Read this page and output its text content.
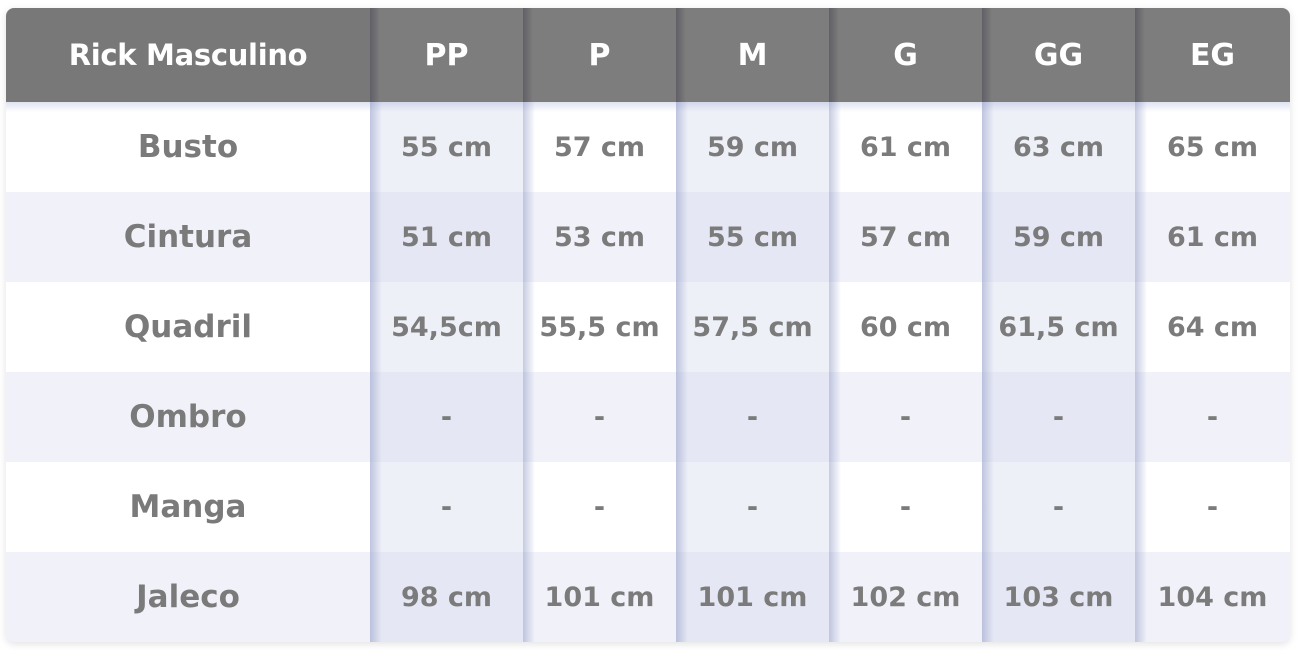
Rick Masculino	PP	P	M	G	GG	EG
Busto	55 cm	57 cm	59 cm	61 cm	63 cm	65 cm
Cintura	51 cm	53 cm	55 cm	57 cm	59 cm	61 cm
Quadril	54,5cm	55,5 cm	57,5 cm	60 cm	61,5 cm	64 cm
Ombro	-	-	-	-	-	-
Manga	-	-	-	-	-	-
Jaleco	98 cm	101 cm	101 cm	102 cm	103 cm	104 cm
